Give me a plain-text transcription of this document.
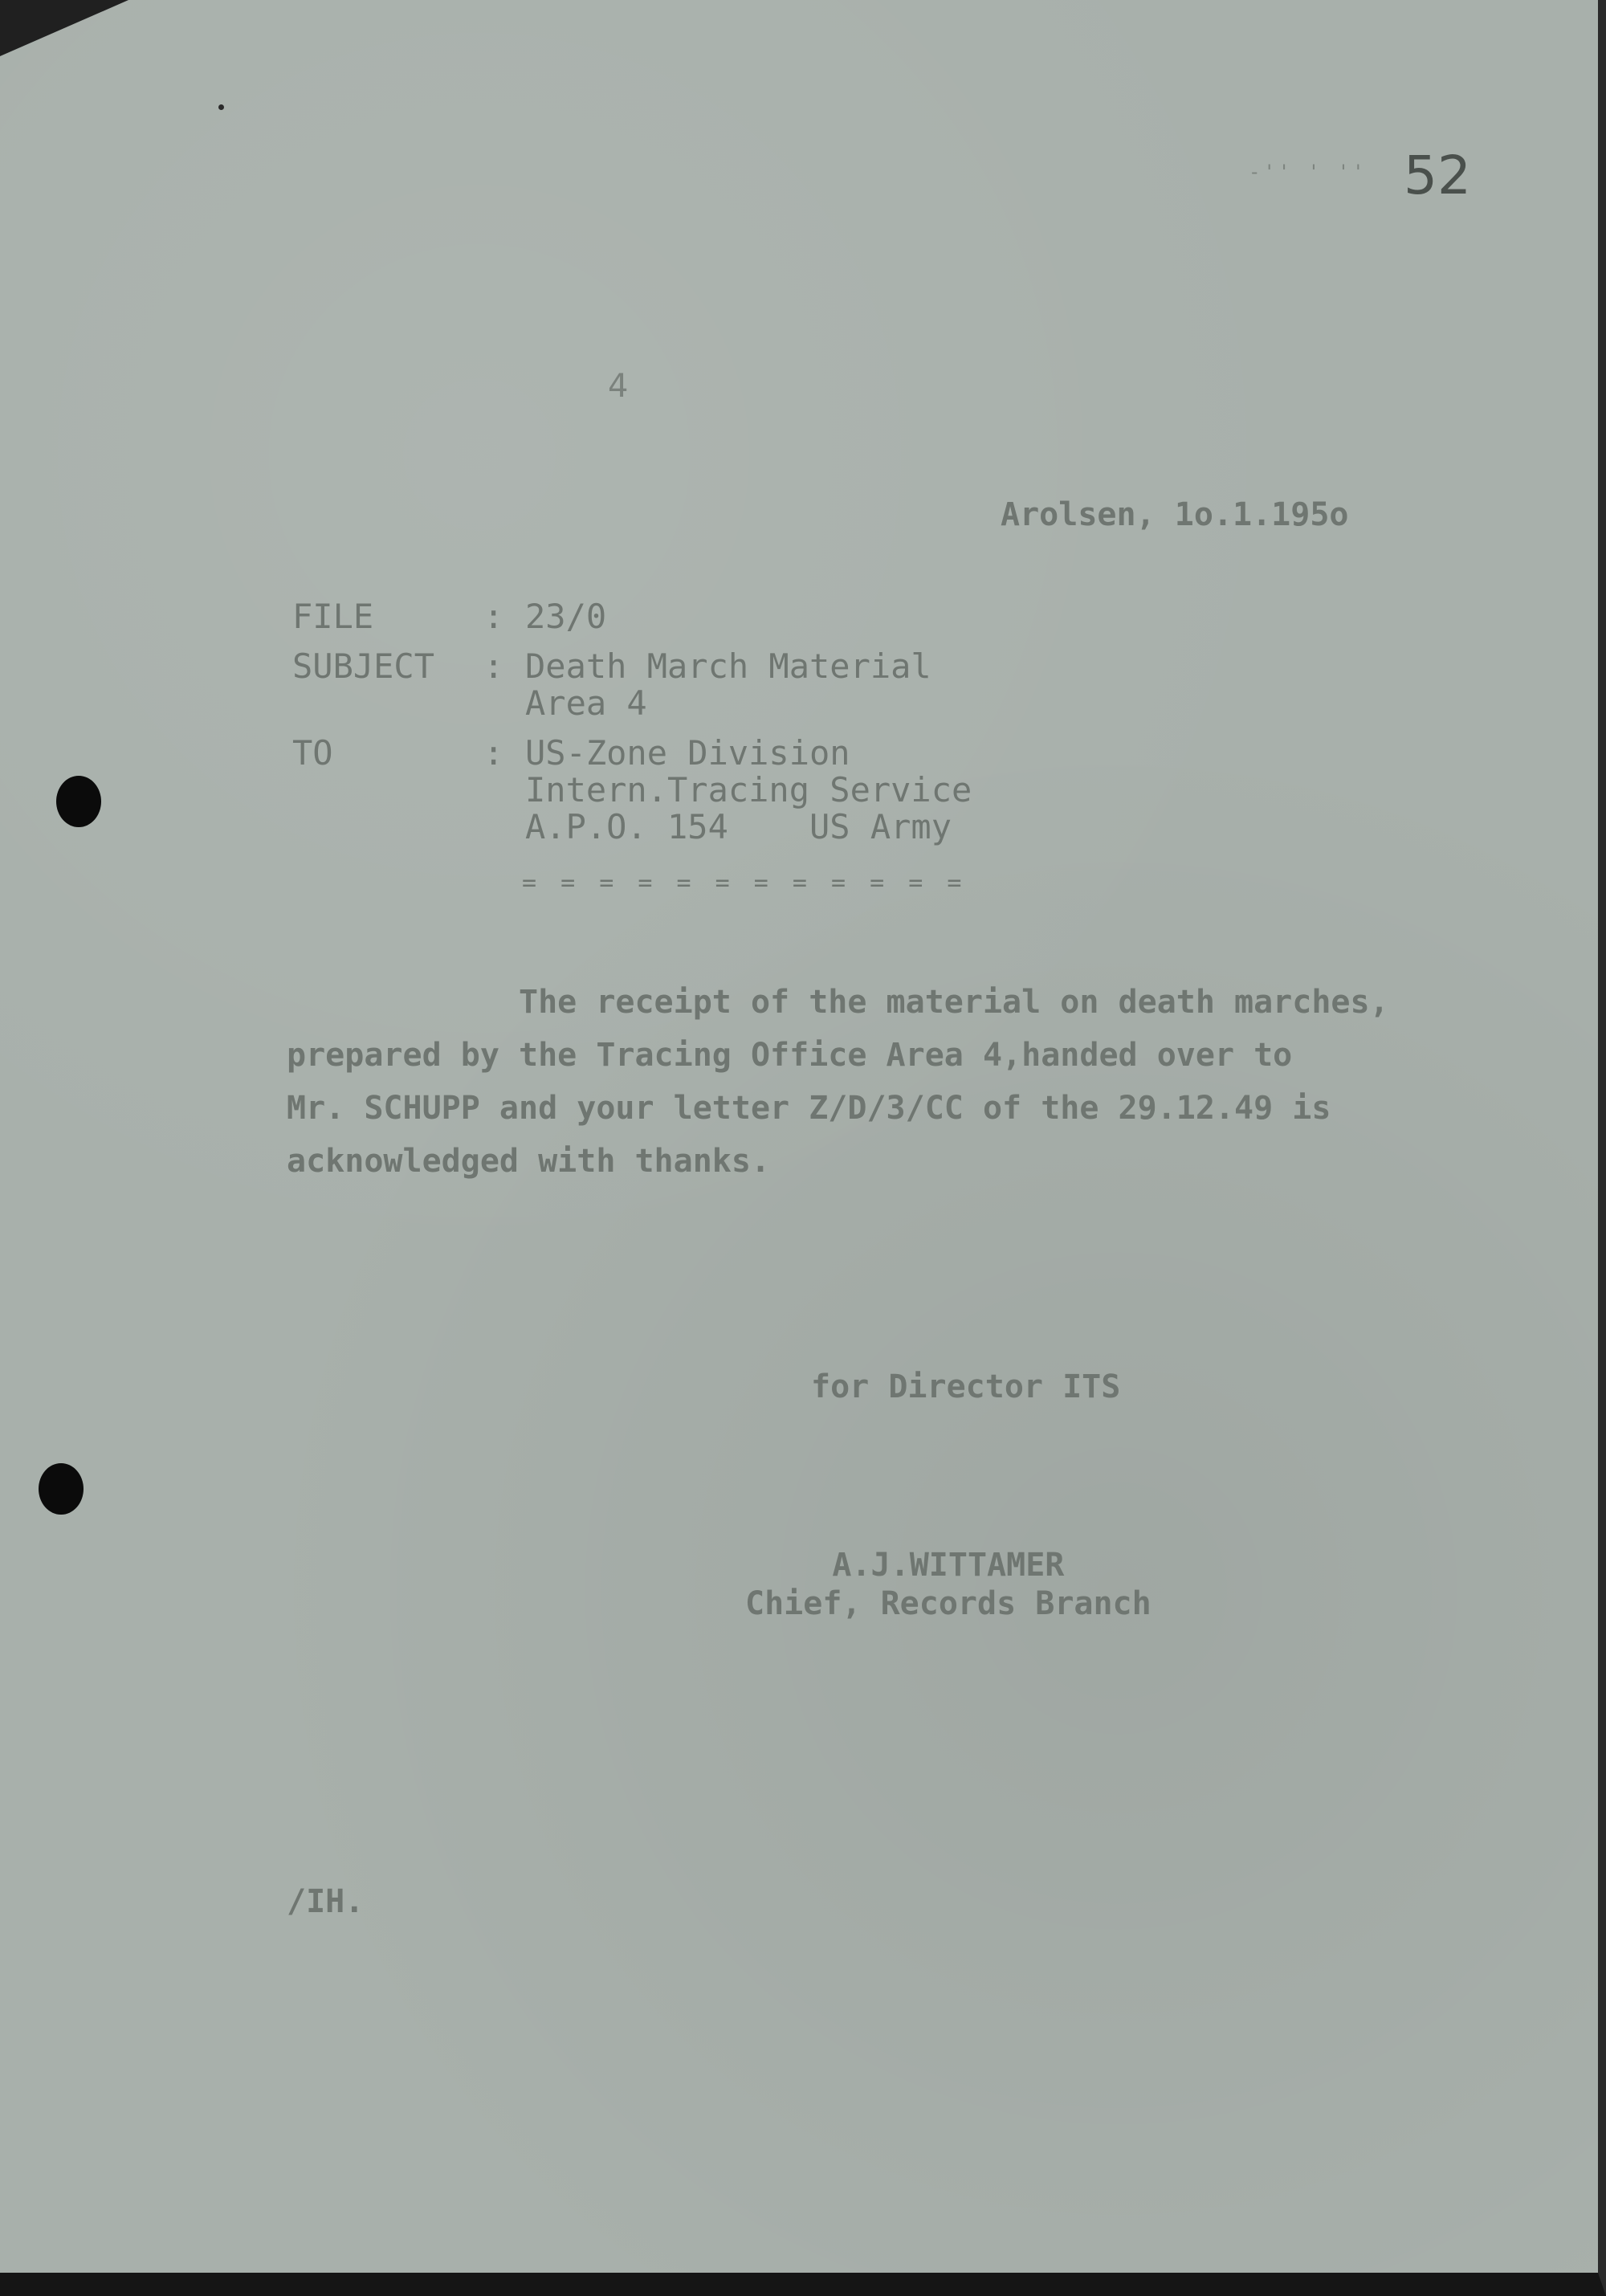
-'' ' '' 52
4
Arolsen, 1o.1.195o
FILE	: 23/0
SUBJECT	: Death March Material
Area 4
TO	: US-Zone Division
Intern.Tracing Service
A.P.O. 154    US Army
= = = = = = = = = = = =
The receipt of the material on death marches,
prepared by the Tracing Office Area 4,handed over to
Mr. SCHUPP and your letter Z/D/3/CC of the 29.12.49 is
acknowledged with thanks.
for Director ITS
A.J.WITTAMER
Chief, Records Branch
/IH.
